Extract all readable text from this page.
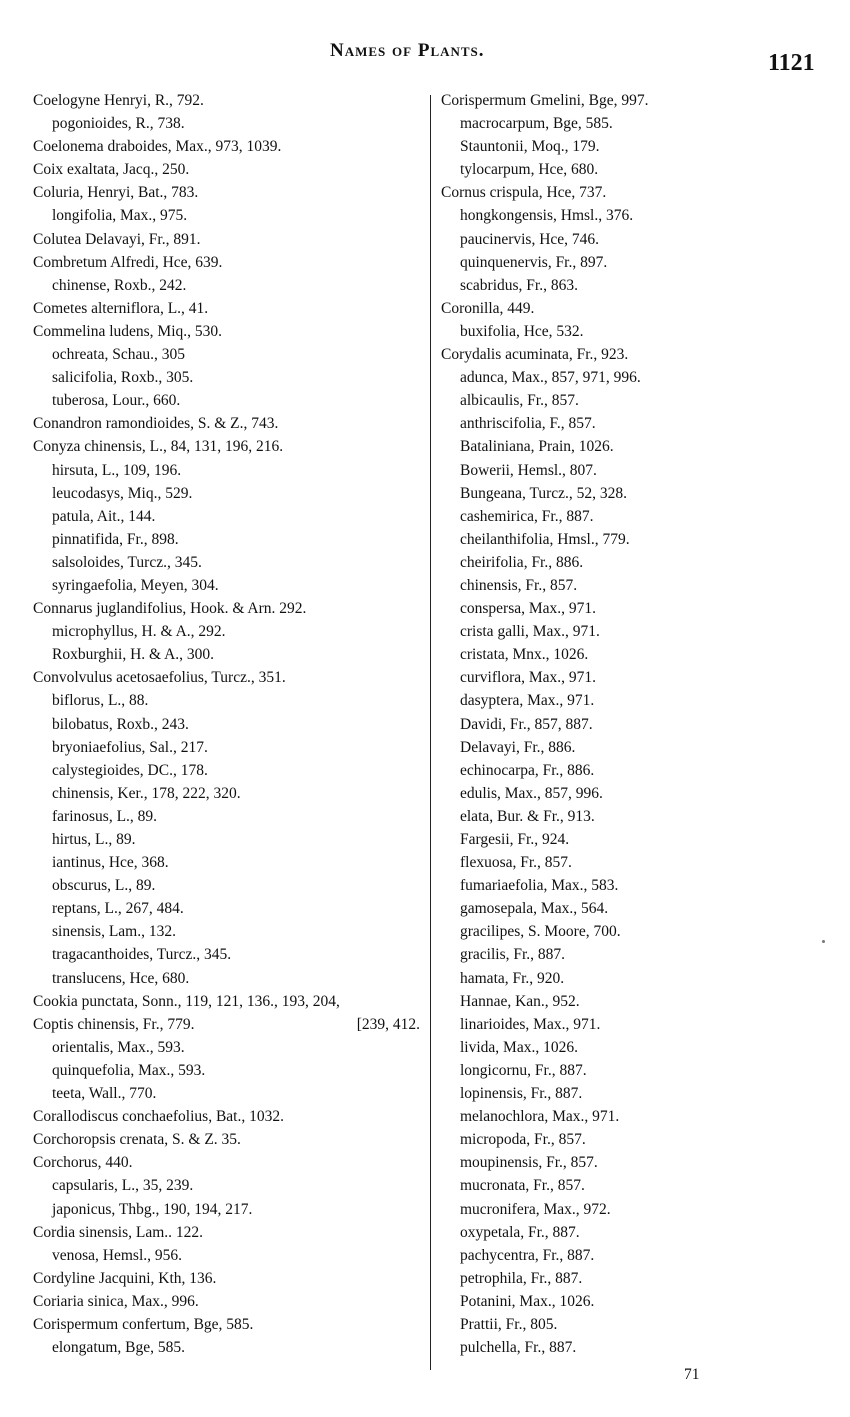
Names of Plants.	1121
Coelogyne Henryi, R., 792.
pogonioides, R., 738.
Coelonema draboides, Max., 973, 1039.
Coix exaltata, Jacq., 250.
Coluria, Henryi, Bat., 783.
longifolia, Max., 975.
Colutea Delavayi, Fr., 891.
Combretum Alfredi, Hce, 639.
chinense, Roxb., 242.
Cometes alterniflora, L., 41.
Commelina ludens, Miq., 530.
ochreata, Schau., 305
salicifolia, Roxb., 305.
tuberosa, Lour., 660.
Conandron ramondioides, S. & Z., 743.
Conyza chinensis, L., 84, 131, 196, 216.
hirsuta, L., 109, 196.
leucodasys, Miq., 529.
patula, Ait., 144.
pinnatifida, Fr., 898.
salsoloides, Turcz., 345.
syringaefolia, Meyen, 304.
Connarus juglandifolius, Hook. & Arn. 292.
microphyllus, H. & A., 292.
Roxburghii, H. & A., 300.
Convolvulus acetosaefolius, Turcz., 351.
biflorus, L., 88.
bilobatus, Roxb., 243.
bryoniaefolius, Sal., 217.
calystegioides, DC., 178.
chinensis, Ker., 178, 222, 320.
farinosus, L., 89.
hirtus, L., 89.
iantinus, Hce, 368.
obscurus, L., 89.
reptans, L., 267, 484.
sinensis, Lam., 132.
tragacanthoides, Turcz., 345.
translucens, Hce, 680.
Cookia punctata, Sonn., 119, 121, 136., 193, 204,
Coptis chinensis, Fr., 779.	[239, 412.
orientalis, Max., 593.
quinquefolia, Max., 593.
teeta, Wall., 770.
Corallodiscus conchaefolius, Bat., 1032.
Corchoropsis crenata, S. & Z. 35.
Corchorus, 440.
capsularis, L., 35, 239.
japonicus, Thbg., 190, 194, 217.
Cordia sinensis, Lam.. 122.
venosa, Hemsl., 956.
Cordyline Jacquini, Kth, 136.
Coriaria sinica, Max., 996.
Corispermum confertum, Bge, 585.
elongatum, Bge, 585.
Corispermum Gmelini, Bge, 997.
macrocarpum, Bge, 585.
Stauntonii, Moq., 179.
tylocarpum, Hce, 680.
Cornus crispula, Hce, 737.
hongkongensis, Hmsl., 376.
paucinervis, Hce, 746.
quinquenervis, Fr., 897.
scabridus, Fr., 863.
Coronilla, 449.
buxifolia, Hce, 532.
Corydalis acuminata, Fr., 923.
adunca, Max., 857, 971, 996.
albicaulis, Fr., 857.
anthriscifolia, F., 857.
Bataliniana, Prain, 1026.
Bowerii, Hemsl., 807.
Bungeana, Turcz., 52, 328.
cashemirica, Fr., 887.
cheilanthifolia, Hmsl., 779.
cheirifolia, Fr., 886.
chinensis, Fr., 857.
conspersa, Max., 971.
crista galli, Max., 971.
cristata, Mnx., 1026.
curviflora, Max., 971.
dasyptera, Max., 971.
Davidi, Fr., 857, 887.
Delavayi, Fr., 886.
echinocarpa, Fr., 886.
edulis, Max., 857, 996.
elata, Bur. & Fr., 913.
Fargesii, Fr., 924.
flexuosa, Fr., 857.
fumariaefolia, Max., 583.
gamosepala, Max., 564.
gracilipes, S. Moore, 700.
gracilis, Fr., 887.
hamata, Fr., 920.
Hannae, Kan., 952.
linarioides, Max., 971.
livida, Max., 1026.
longicornu, Fr., 887.
lopinensis, Fr., 887.
melanochlora, Max., 971.
micropoda, Fr., 857.
moupinensis, Fr., 857.
mucronata, Fr., 857.
mucronifera, Max., 972.
oxypetala, Fr., 887.
pachycentra, Fr., 887.
petrophila, Fr., 887.
Potanini, Max., 1026.
Prattii, Fr., 805.
pulchella, Fr., 887.
71
